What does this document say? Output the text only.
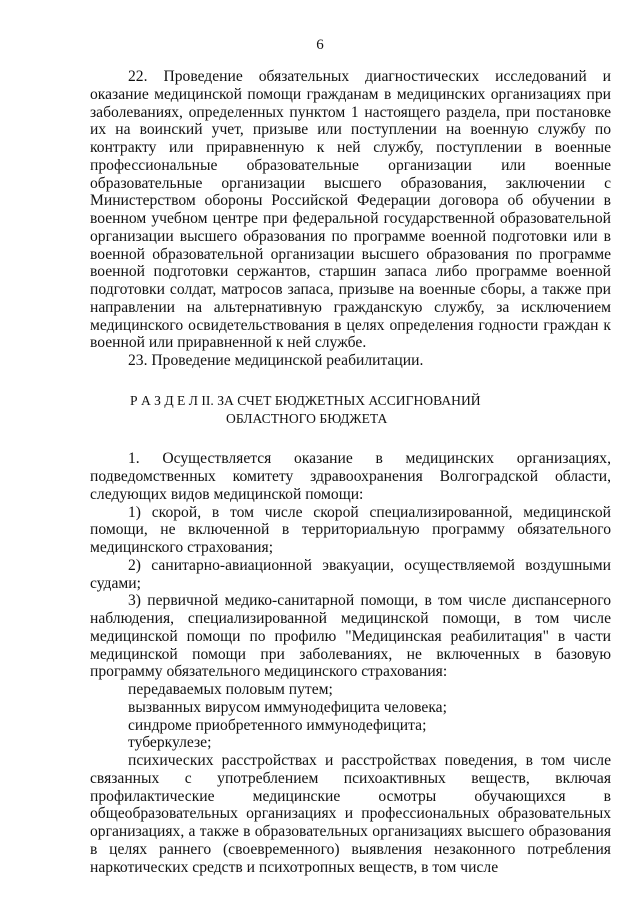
6

22. Проведение обязательных диагностических исследований и оказание медицинской помощи гражданам в медицинских организациях при заболеваниях, определенных пунктом 1 настоящего раздела, при постановке их на воинский учет, призыве или поступлении на военную службу по контракту или приравненную к ней службу, поступлении в военные профессиональные образовательные организации или военные образовательные организации высшего образования, заключении с Министерством обороны Российской Федерации договора об обучении в военном учебном центре при федеральной государственной образовательной организации высшего образования по программе военной подготовки или в военной образовательной организации высшего образования по программе военной подготовки сержантов, старшин запаса либо программе военной подготовки солдат, матросов запаса, призыве на военные сборы, а также при направлении на альтернативную гражданскую службу, за исключением медицинского освидетельствования в целях определения годности граждан к военной или приравненной к ней службе.

23. Проведение медицинской реабилитации.

Р А З Д Е Л II. ЗА СЧЕТ БЮДЖЕТНЫХ АССИГНОВАНИЙ
ОБЛАСТНОГО БЮДЖЕТА

1. Осуществляется оказание в медицинских организациях, подведомственных комитету здравоохранения Волгоградской области, следующих видов медицинской помощи:

1) скорой, в том числе скорой специализированной, медицинской помощи, не включенной в территориальную программу обязательного медицинского страхования;

2) санитарно-авиационной эвакуации, осуществляемой воздушными судами;

3) первичной медико-санитарной помощи, в том числе диспансерного наблюдения, специализированной медицинской помощи, в том числе медицинской помощи по профилю "Медицинская реабилитация" в части медицинской помощи при заболеваниях, не включенных в базовую программу обязательного медицинского страхования:

передаваемых половым путем;

вызванных вирусом иммунодефицита человека;

синдроме приобретенного иммунодефицита;

туберкулезе;

психических расстройствах и расстройствах поведения, в том числе связанных с употреблением психоактивных веществ, включая профилактические медицинские осмотры обучающихся в общеобразовательных организациях и профессиональных образовательных организациях, а также в образовательных организациях высшего образования в целях раннего (своевременного) выявления незаконного потребления наркотических средств и психотропных веществ, в том числе
